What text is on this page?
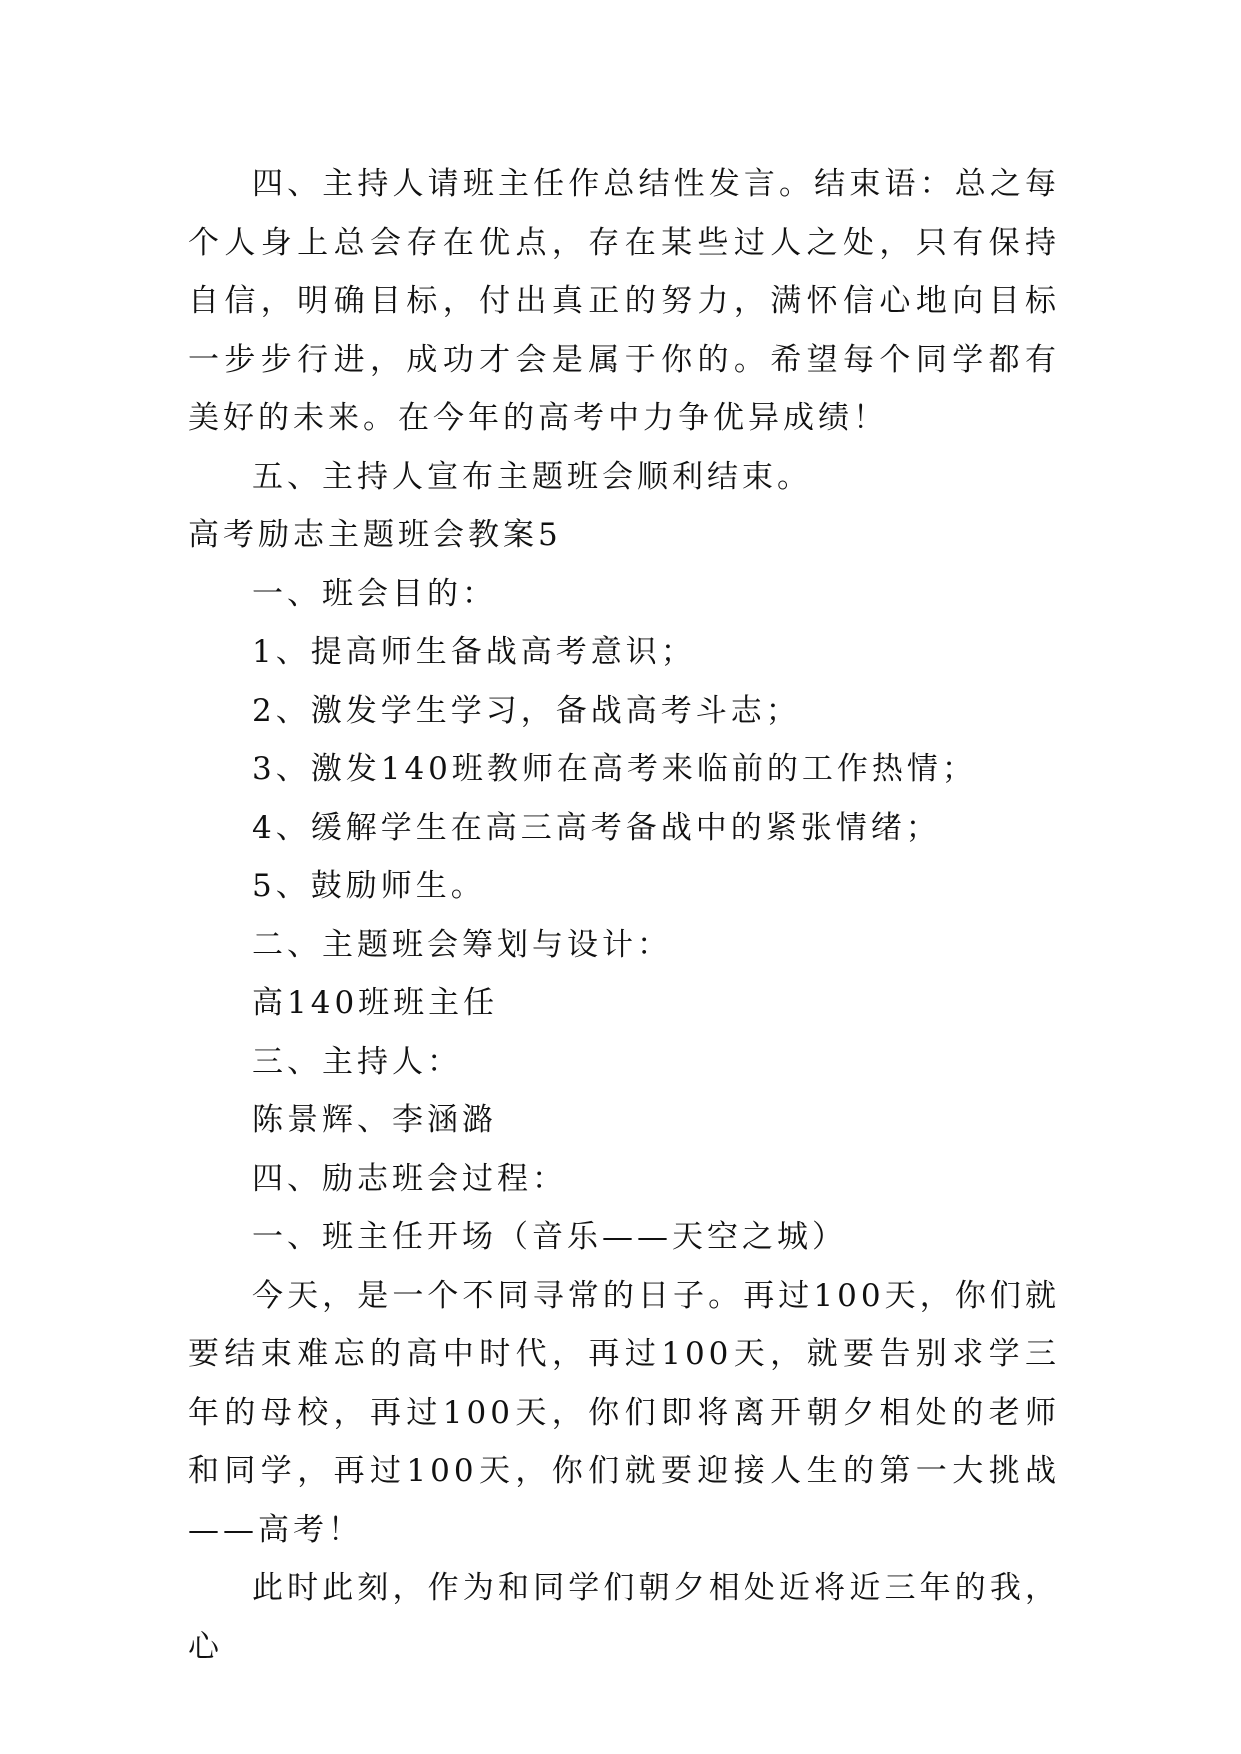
四、主持人请班主任作总结性发言。结束语：总之每个人身上总会存在优点，存在某些过人之处，只有保持自信，明确目标，付出真正的努力，满怀信心地向目标一步步行进，成功才会是属于你的。希望每个同学都有美好的未来。在今年的高考中力争优异成绩！

五、主持人宣布主题班会顺利结束。

高考励志主题班会教案5

一、班会目的：

1、提高师生备战高考意识；

2、激发学生学习，备战高考斗志；

3、激发140班教师在高考来临前的工作热情；

4、缓解学生在高三高考备战中的紧张情绪；

5、鼓励师生。

二、主题班会筹划与设计：

高140班班主任

三、主持人：

陈景辉、李涵潞

四、励志班会过程：

一、班主任开场（音乐——天空之城）

今天，是一个不同寻常的日子。再过100天，你们就要结束难忘的高中时代，再过100天，就要告别求学三年的母校，再过100天，你们即将离开朝夕相处的老师和同学，再过100天，你们就要迎接人生的第一大挑战——高考！

此时此刻，作为和同学们朝夕相处近将近三年的我，心
